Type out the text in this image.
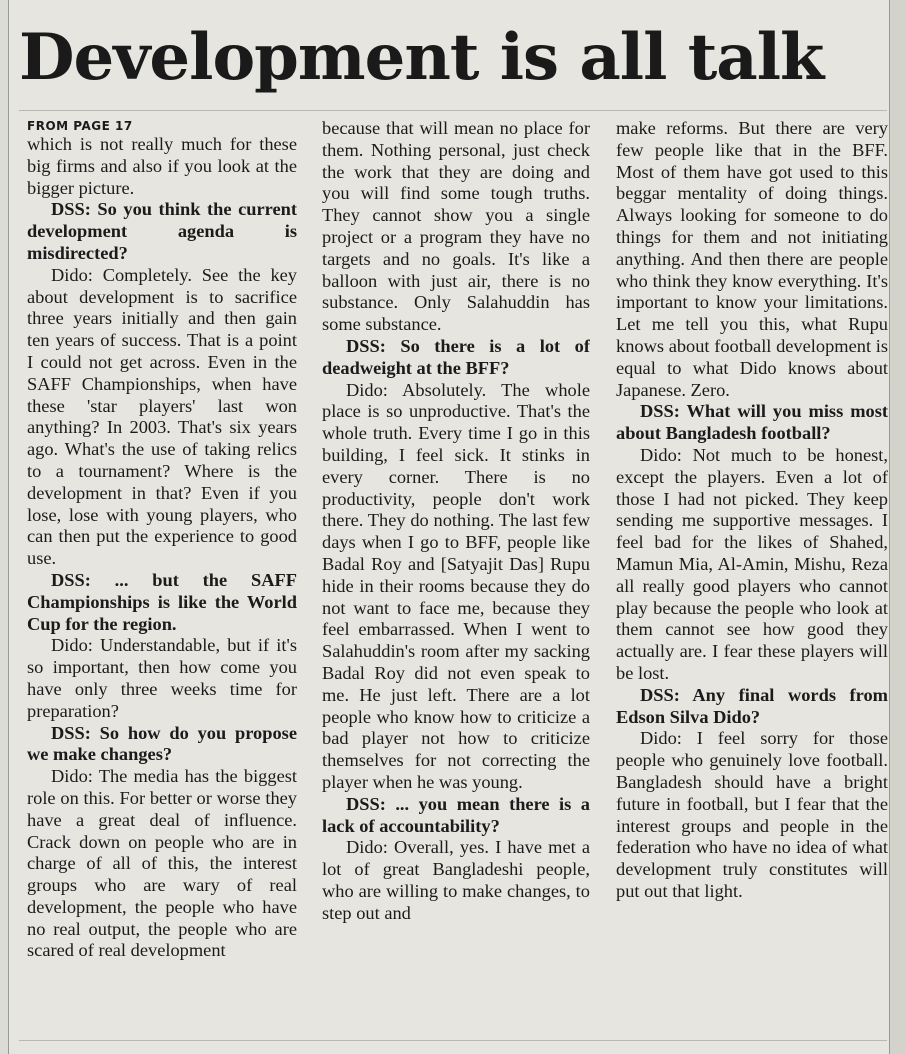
Development is all talk
FROM PAGE 17

which is not really much for these big firms and also if you look at the bigger picture.

DSS: So you think the current development agenda is misdirected?

Dido: Completely. See the key about development is to sacrifice three years initially and then gain ten years of success. That is a point I could not get across. Even in the SAFF Championships, when have these 'star players' last won anything? In 2003. That's six years ago. What's the use of taking relics to a tournament? Where is the development in that? Even if you lose, lose with young players, who can then put the experience to good use.

DSS: ... but the SAFF Championships is like the World Cup for the region.

Dido: Understandable, but if it's so important, then how come you have only three weeks time for preparation?

DSS: So how do you propose we make changes?

Dido: The media has the biggest role on this. For better or worse they have a great deal of influence. Crack down on people who are in charge of all of this, the interest groups who are wary of real development, the people who have no real output, the people who are scared of real development

because that will mean no place for them. Nothing personal, just check the work that they are doing and you will find some tough truths. They cannot show you a single project or a program they have no targets and no goals. It's like a balloon with just air, there is no substance. Only Salahuddin has some substance.

DSS: So there is a lot of deadweight at the BFF?

Dido: Absolutely. The whole place is so unproductive. That's the whole truth. Every time I go in this building, I feel sick. It stinks in every corner. There is no productivity, people don't work there. They do nothing. The last few days when I go to BFF, people like Badal Roy and [Satyajit Das] Rupu hide in their rooms because they do not want to face me, because they feel embarrassed. When I went to Salahuddin's room after my sacking Badal Roy did not even speak to me. He just left. There are a lot people who know how to criticize a bad player not how to criticize themselves for not correcting the player when he was young.

DSS: ... you mean there is a lack of accountability?

Dido: Overall, yes. I have met a lot of great Bangladeshi people, who are willing to make changes, to step out and

make reforms. But there are very few people like that in the BFF. Most of them have got used to this beggar mentality of doing things. Always looking for someone to do things for them and not initiating anything. And then there are people who think they know everything. It's important to know your limitations. Let me tell you this, what Rupu knows about football development is equal to what Dido knows about Japanese. Zero.

DSS: What will you miss most about Bangladesh football?

Dido: Not much to be honest, except the players. Even a lot of those I had not picked. They keep sending me supportive messages. I feel bad for the likes of Shahed, Mamun Mia, Al-Amin, Mishu, Reza all really good players who cannot play because the people who look at them cannot see how good they actually are. I fear these players will be lost.

DSS: Any final words from Edson Silva Dido?

Dido: I feel sorry for those people who genuinely love football. Bangladesh should have a bright future in football, but I fear that the interest groups and people in the federation who have no idea of what development truly constitutes will put out that light.
